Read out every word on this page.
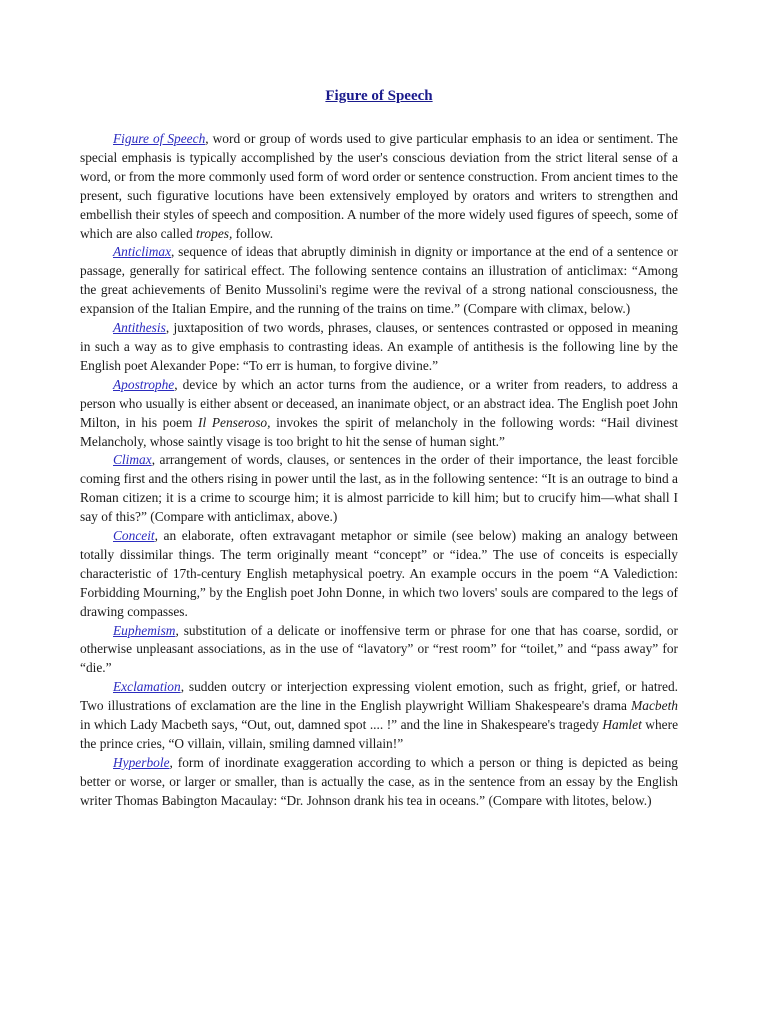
Figure of Speech

Figure of Speech, word or group of words used to give particular emphasis to an idea or sentiment. The special emphasis is typically accomplished by the user's conscious deviation from the strict literal sense of a word, or from the more commonly used form of word order or sentence construction. From ancient times to the present, such figurative locutions have been extensively employed by orators and writers to strengthen and embellish their styles of speech and composition. A number of the more widely used figures of speech, some of which are also called tropes, follow.

Anticlimax, sequence of ideas that abruptly diminish in dignity or importance at the end of a sentence or passage, generally for satirical effect. The following sentence contains an illustration of anticlimax: “Among the great achievements of Benito Mussolini's regime were the revival of a strong national consciousness, the expansion of the Italian Empire, and the running of the trains on time.” (Compare with climax, below.)

Antithesis, juxtaposition of two words, phrases, clauses, or sentences contrasted or opposed in meaning in such a way as to give emphasis to contrasting ideas. An example of antithesis is the following line by the English poet Alexander Pope: “To err is human, to forgive divine.”

Apostrophe, device by which an actor turns from the audience, or a writer from readers, to address a person who usually is either absent or deceased, an inanimate object, or an abstract idea. The English poet John Milton, in his poem Il Penseroso, invokes the spirit of melancholy in the following words: “Hail divinest Melancholy, whose saintly visage is too bright to hit the sense of human sight.”

Climax, arrangement of words, clauses, or sentences in the order of their importance, the least forcible coming first and the others rising in power until the last, as in the following sentence: “It is an outrage to bind a Roman citizen; it is a crime to scourge him; it is almost parricide to kill him; but to crucify him—what shall I say of this?” (Compare with anticlimax, above.)

Conceit, an elaborate, often extravagant metaphor or simile (see below) making an analogy between totally dissimilar things. The term originally meant “concept” or “idea.” The use of conceits is especially characteristic of 17th-century English metaphysical poetry. An example occurs in the poem “A Valediction: Forbidding Mourning,” by the English poet John Donne, in which two lovers' souls are compared to the legs of drawing compasses.

Euphemism, substitution of a delicate or inoffensive term or phrase for one that has coarse, sordid, or otherwise unpleasant associations, as in the use of “lavatory” or “rest room” for “toilet,” and “pass away” for “die.”

Exclamation, sudden outcry or interjection expressing violent emotion, such as fright, grief, or hatred. Two illustrations of exclamation are the line in the English playwright William Shakespeare's drama Macbeth in which Lady Macbeth says, “Out, out, damned spot .... !” and the line in Shakespeare's tragedy Hamlet where the prince cries, “O villain, villain, smiling damned villain!”

Hyperbole, form of inordinate exaggeration according to which a person or thing is depicted as being better or worse, or larger or smaller, than is actually the case, as in the sentence from an essay by the English writer Thomas Babington Macaulay: “Dr. Johnson drank his tea in oceans.” (Compare with litotes, below.)
